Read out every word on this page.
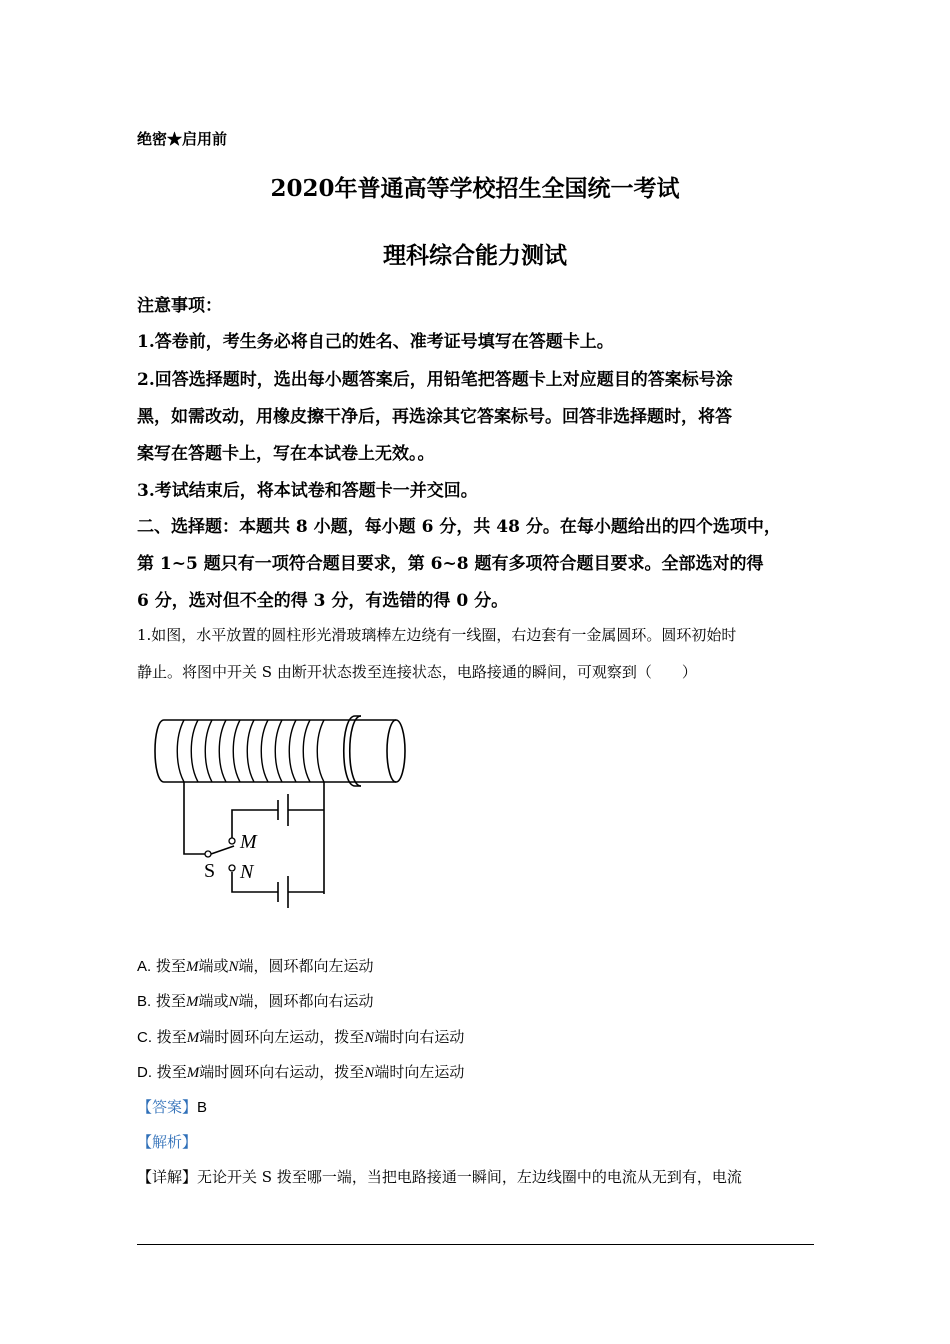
绝密★启用前
2020年普通高等学校招生全国统一考试
理科综合能力测试
注意事项：
1.答卷前，考生务必将自己的姓名、准考证号填写在答题卡上。
2.回答选择题时，选出每小题答案后，用铅笔把答题卡上对应题目的答案标号涂
黑，如需改动，用橡皮擦干净后，再选涂其它答案标号。回答非选择题时，将答
案写在答题卡上，写在本试卷上无效。。
3.考试结束后，将本试卷和答题卡一并交回。
二、选择题：本题共 8 小题，每小题 6 分，共 48 分。在每小题给出的四个选项中，
第 1~5 题只有一项符合题目要求，第 6~8 题有多项符合题目要求。全部选对的得
6 分，选对但不全的得 3 分，有选错的得 0 分。
1.如图，水平放置的圆柱形光滑玻璃棒左边绕有一线圈，右边套有一金属圆环。圆环初始时
静止。将图中开关 S 由断开状态拨至连接状态，电路接通的瞬间，可观察到（　　）
M
N
S
A. 拨至M端或N端，圆环都向左运动
B. 拨至M端或N端，圆环都向右运动
C. 拨至M端时圆环向左运动，拨至N端时向右运动
D. 拨至M端时圆环向右运动，拨至N端时向左运动
【答案】B
【解析】
【详解】无论开关 S 拨至哪一端，当把电路接通一瞬间，左边线圈中的电流从无到有，电流
